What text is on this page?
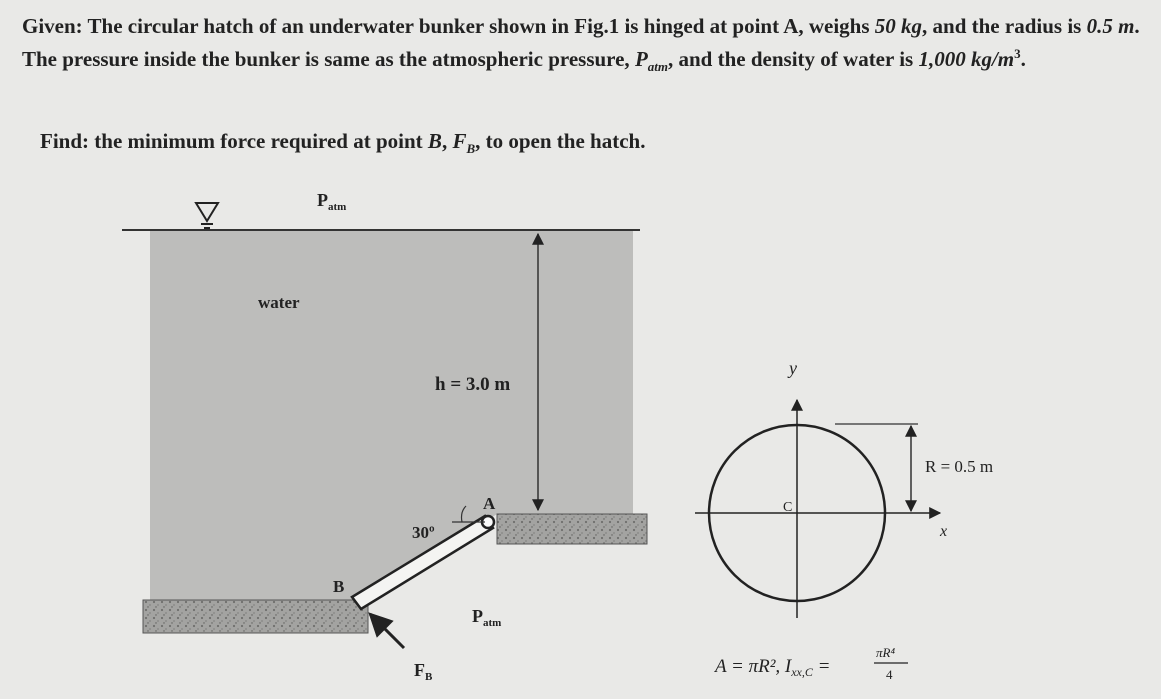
Given: The circular hatch of an underwater bunker shown in Fig.1 is hinged at point A, weighs 50 kg, and the radius is 0.5 m. The pressure inside the bunker is same as the atmospheric pressure, $P_{atm}$, and the density of water is 1,000 $kg/m^3$.
Find: the minimum force required at point B, $F_B$, to open the hatch.
$P_{atm}$
water
h = 3.0 m
30º
A
B
$P_{atm}$
$F_B$
y
x
C
R = 0.5 m
A = πR², $I_{xx,C}$ =
πR⁴
4
